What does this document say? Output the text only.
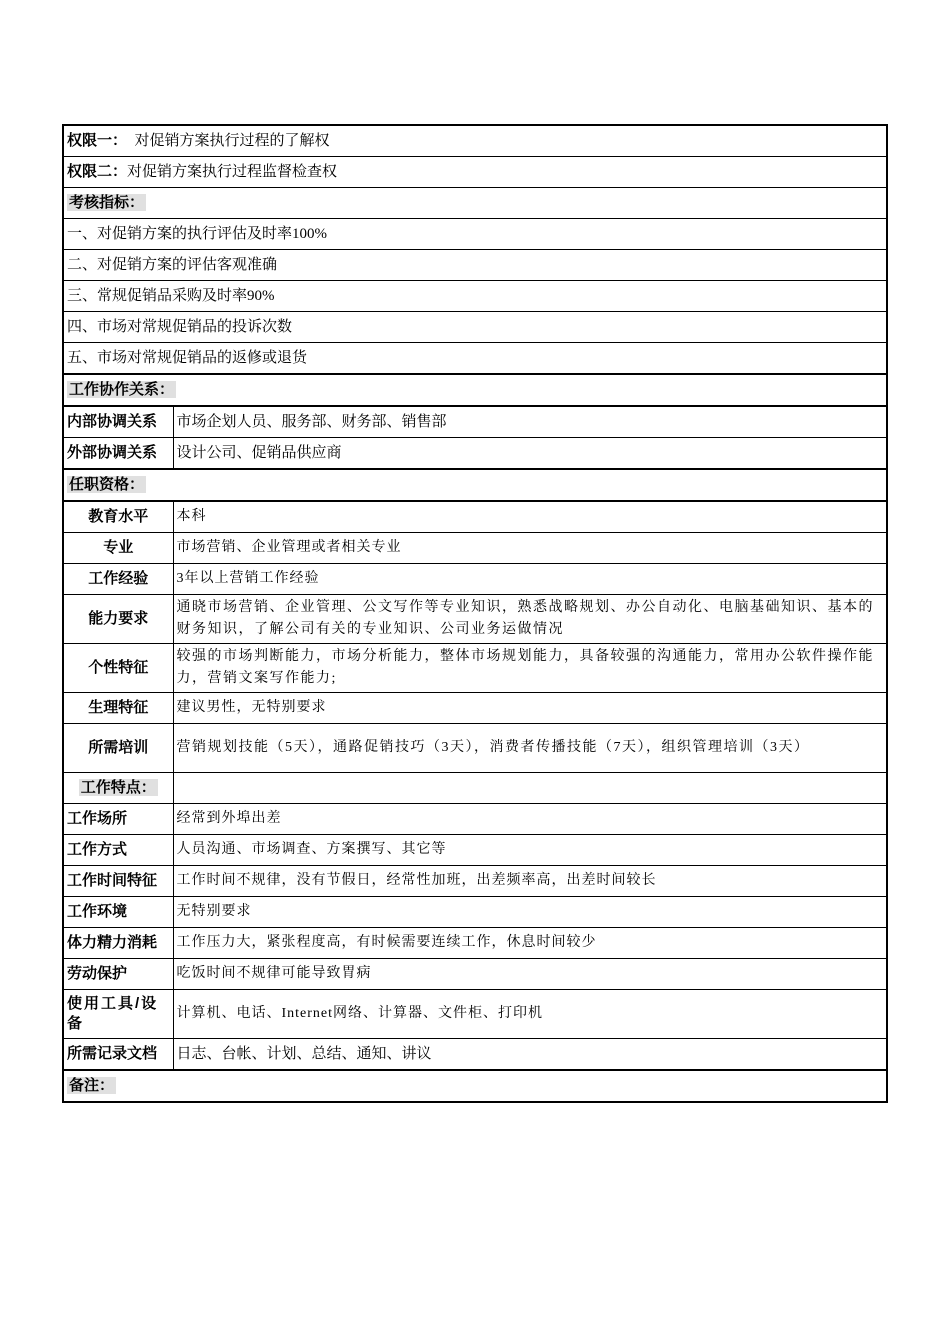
权限一：  对促销方案执行过程的了解权	
权限二：对促销方案执行过程监督检查权	
考核指标：	
一、对促销方案的执行评估及时率100%	
二、对促销方案的评估客观准确	
三、常规促销品采购及时率90%	
四、市场对常规促销品的投诉次数	
五、市场对常规促销品的返修或退货	
工作协作关系：	
内部协调关系	市场企划人员、服务部、财务部、销售部
外部协调关系	设计公司、促销品供应商
任职资格：	
教育水平	本科
专业	市场营销、企业管理或者相关专业
工作经验	3年以上营销工作经验
能力要求	通晓市场营销、企业管理、公文写作等专业知识，熟悉战略规划、办公自动化、电脑基础知识、基本的财务知识，了解公司有关的专业知识、公司业务运做情况
个性特征	较强的市场判断能力，市场分析能力，整体市场规划能力，具备较强的沟通能力，常用办公软件操作能力，营销文案写作能力;
生理特征	建议男性，无特别要求
所需培训	营销规划技能（5天），通路促销技巧（3天），消费者传播技能（7天），组织管理培训（3天）
工作特点：	
工作场所	经常到外埠出差
工作方式	人员沟通、市场调查、方案撰写、其它等
工作时间特征	工作时间不规律，没有节假日，经常性加班，出差频率高，出差时间较长
工作环境	无特别要求
体力精力消耗	工作压力大，紧张程度高，有时候需要连续工作，休息时间较少
劳动保护	吃饭时间不规律可能导致胃病
使用工具/设备	计算机、电话、Internet网络、计算器、文件柜、打印机
所需记录文档	日志、台帐、计划、总结、通知、讲议
备注：	
